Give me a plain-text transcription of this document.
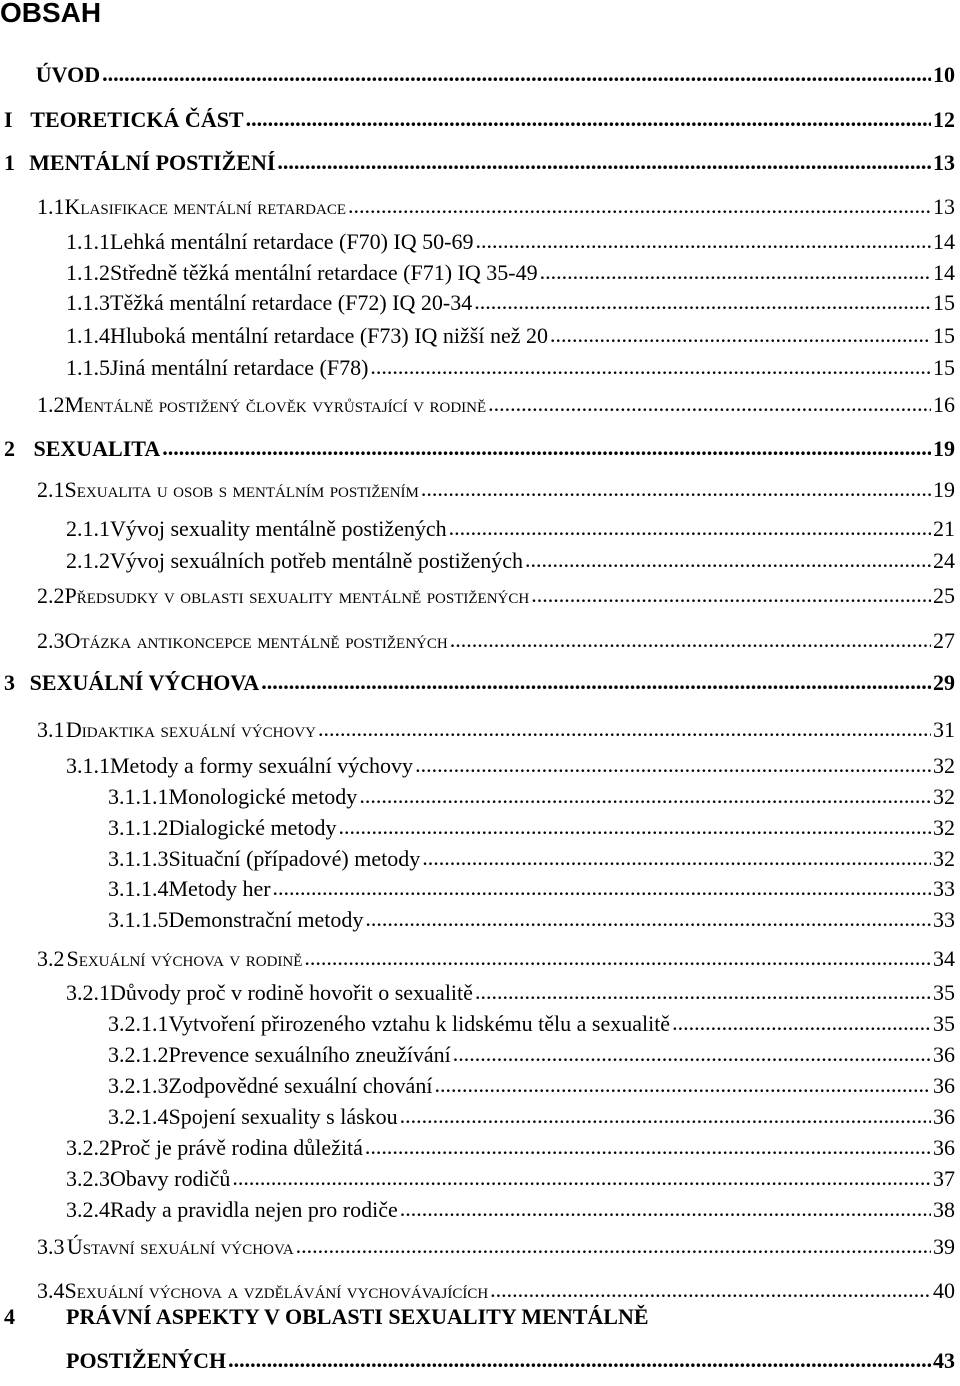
OBSAH
ÚVOD .....	10
I TEORETICKÁ ČÁST .....	12
1 MENTÁLNÍ POSTIŽENÍ .....	13
1.1 Klasifikace mentální retardace .....	13
1.1.1 Lehká mentální retardace (F70) IQ 50-69 .....	14
1.1.2 Středně těžká mentální retardace (F71) IQ 35-49 .....	14
1.1.3 Těžká mentální retardace (F72) IQ 20-34 .....	15
1.1.4 Hluboká mentální retardace (F73) IQ nižší než 20 .....	15
1.1.5 Jiná mentální retardace (F78) .....	15
1.2 Mentálně postižený člověk vyrůstající v rodině .....	16
2 SEXUALITA .....	19
2.1 Sexualita u osob s mentálním postižením .....	19
2.1.1 Vývoj sexuality mentálně postižených .....	21
2.1.2 Vývoj sexuálních potřeb mentálně postižených .....	24
2.2 Předsudky v oblasti sexuality mentálně postižených .....	25
2.3 Otázka antikoncepce mentálně postižených .....	27
3 SEXUÁLNÍ VÝCHOVA .....	29
3.1 Didaktika sexuální výchovy .....	31
3.1.1 Metody a formy sexuální výchovy .....	32
3.1.1.1 Monologické metody .....	32
3.1.1.2 Dialogické metody .....	32
3.1.1.3 Situační (případové) metody .....	32
3.1.1.4 Metody her .....	33
3.1.1.5 Demonstrační metody .....	33
3.2 Sexuální výchova v rodině .....	34
3.2.1 Důvody proč v rodině hovořit o sexualitě .....	35
3.2.1.1 Vytvoření přirozeného vztahu k lidskému tělu a sexualitě .....	35
3.2.1.2 Prevence sexuálního zneužívání .....	36
3.2.1.3 Zodpovědné sexuální chování .....	36
3.2.1.4 Spojení sexuality s láskou .....	36
3.2.2 Proč je právě rodina důležitá .....	36
3.2.3 Obavy rodičů .....	37
3.2.4 Rady a pravidla nejen pro rodiče .....	38
3.3 Ústavní sexuální výchova .....	39
3.4 Sexuální výchova a vzdělávání vychovávajících .....	40
4	PRÁVNÍ ASPEKTY V OBLASTI SEXUALITY MENTÁLNĚ
POSTIŽENÝCH .....	43
